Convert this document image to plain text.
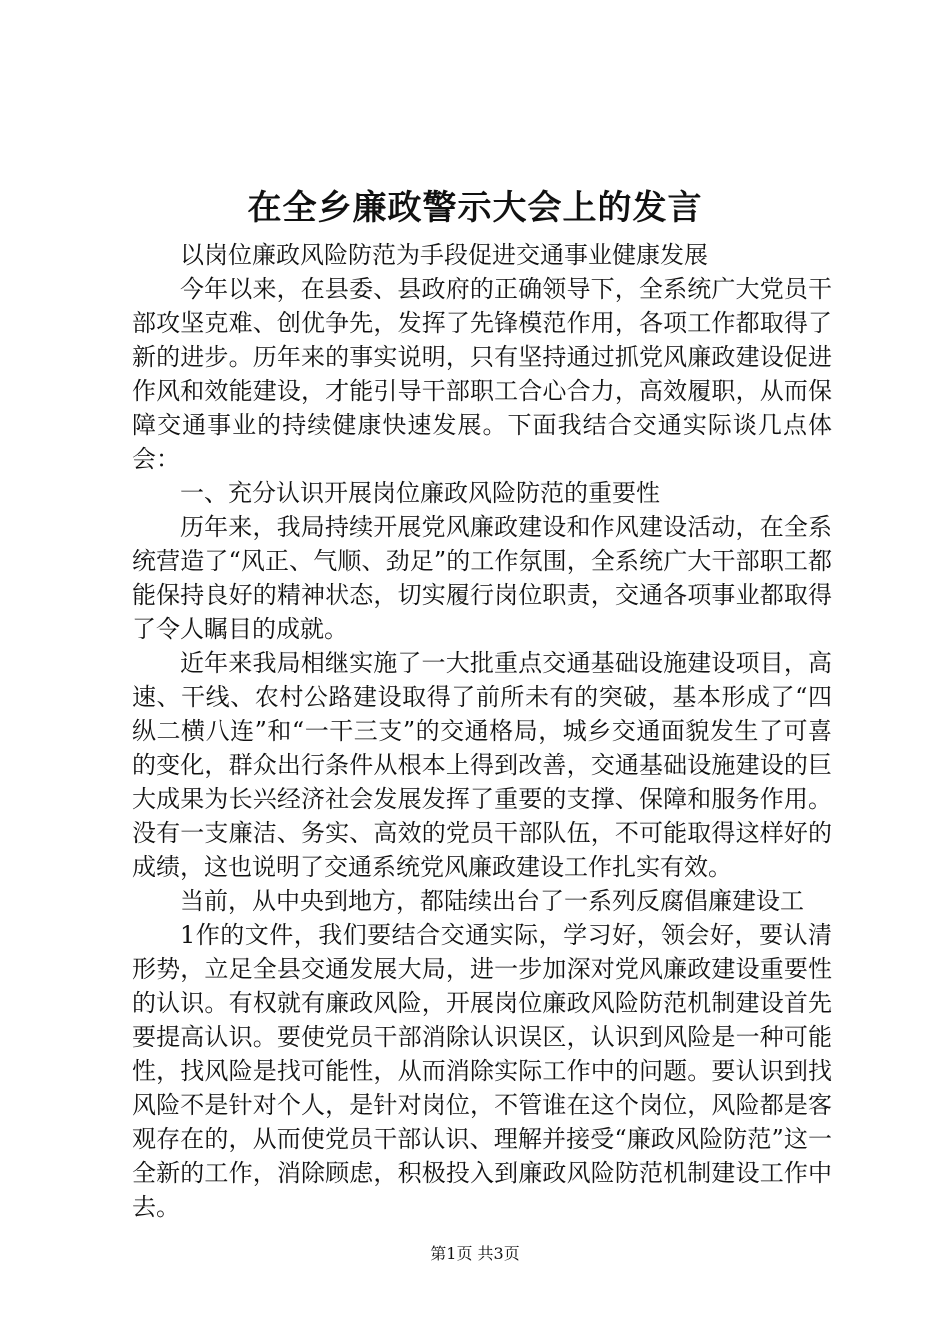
在全乡廉政警示大会上的发言

以岗位廉政风险防范为手段促进交通事业健康发展

今年以来，在县委、县政府的正确领导下，全系统广大党员干部攻坚克难、创优争先，发挥了先锋模范作用，各项工作都取得了新的进步。历年来的事实说明，只有坚持通过抓党风廉政建设促进作风和效能建设，才能引导干部职工合心合力，高效履职，从而保障交通事业的持续健康快速发展。下面我结合交通实际谈几点体会：

一、充分认识开展岗位廉政风险防范的重要性

历年来，我局持续开展党风廉政建设和作风建设活动，在全系统营造了“风正、气顺、劲足”的工作氛围，全系统广大干部职工都能保持良好的精神状态，切实履行岗位职责，交通各项事业都取得了令人瞩目的成就。

近年来我局相继实施了一大批重点交通基础设施建设项目，高速、干线、农村公路建设取得了前所未有的突破，基本形成了“四纵二横八连”和“一干三支”的交通格局，城乡交通面貌发生了可喜的变化，群众出行条件从根本上得到改善，交通基础设施建设的巨大成果为长兴经济社会发展发挥了重要的支撑、保障和服务作用。没有一支廉洁、务实、高效的党员干部队伍，不可能取得这样好的成绩，这也说明了交通系统党风廉政建设工作扎实有效。

当前，从中央到地方，都陆续出台了一系列反腐倡廉建设工

1作的文件，我们要结合交通实际，学习好，领会好，要认清形势，立足全县交通发展大局，进一步加深对党风廉政建设重要性的认识。有权就有廉政风险，开展岗位廉政风险防范机制建设首先要提高认识。要使党员干部消除认识误区，认识到风险是一种可能性，找风险是找可能性，从而消除实际工作中的问题。要认识到找风险不是针对个人，是针对岗位，不管谁在这个岗位，风险都是客观存在的，从而使党员干部认识、理解并接受“廉政风险防范”这一全新的工作，消除顾虑，积极投入到廉政风险防范机制建设工作中去。

第1页 共3页
